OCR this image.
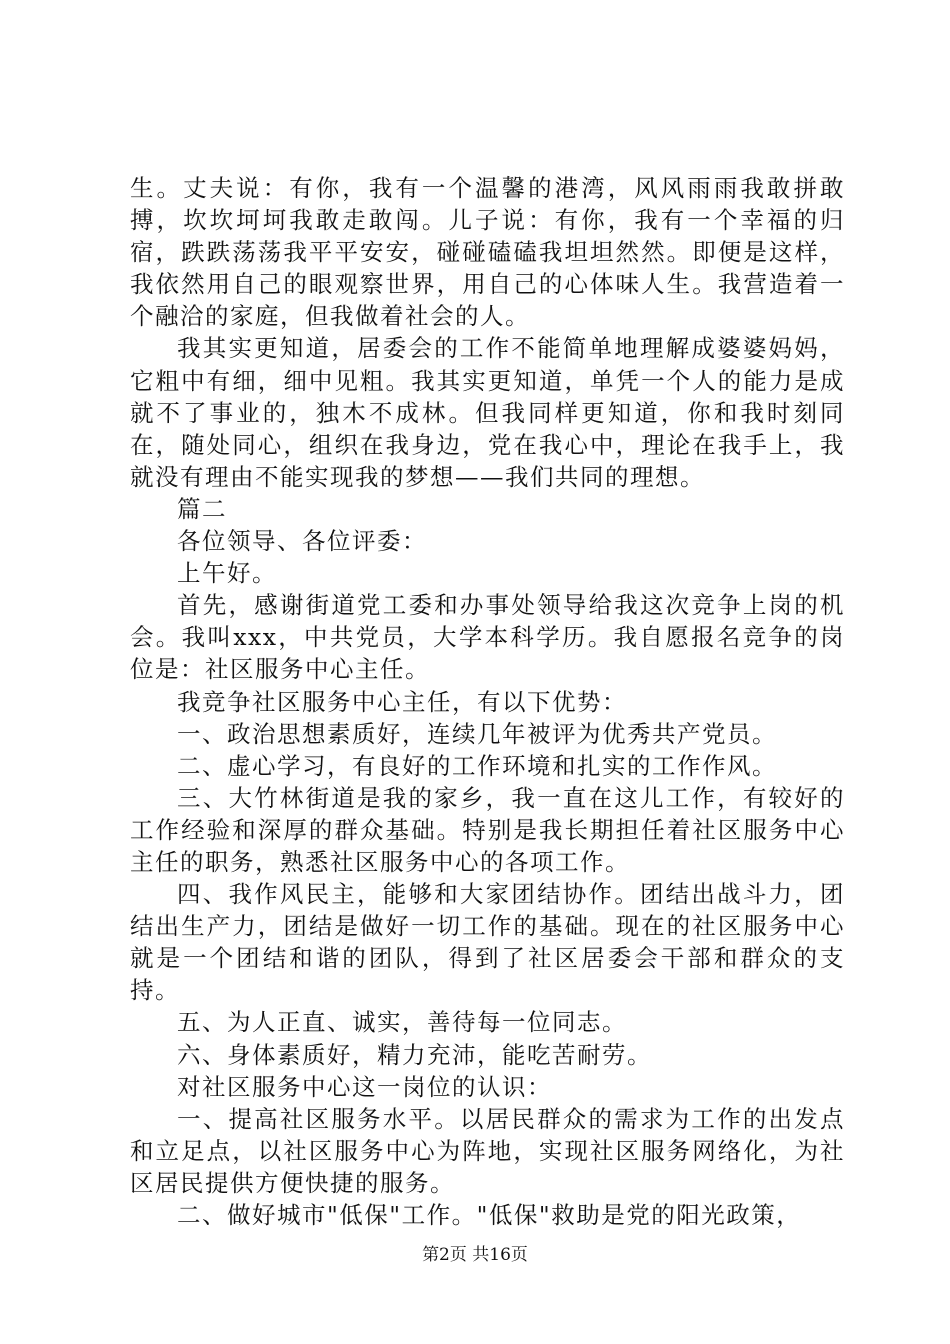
生。丈夫说：有你，我有一个温馨的港湾，风风雨雨我敢拼敢搏，坎坎坷坷我敢走敢闯。儿子说：有你，我有一个幸福的归宿，跌跌荡荡我平平安安，碰碰磕磕我坦坦然然。即便是这样，我依然用自己的眼观察世界，用自己的心体味人生。我营造着一个融洽的家庭，但我做着社会的人。

我其实更知道，居委会的工作不能简单地理解成婆婆妈妈，它粗中有细，细中见粗。我其实更知道，单凭一个人的能力是成就不了事业的，独木不成林。但我同样更知道，你和我时刻同在，随处同心，组织在我身边，党在我心中，理论在我手上，我就没有理由不能实现我的梦想——我们共同的理想。

篇二

各位领导、各位评委：

上午好。

首先，感谢街道党工委和办事处领导给我这次竞争上岗的机会。我叫xxx，中共党员，大学本科学历。我自愿报名竞争的岗位是：社区服务中心主任。

我竞争社区服务中心主任，有以下优势：

一、政治思想素质好，连续几年被评为优秀共产党员。

二、虚心学习，有良好的工作环境和扎实的工作作风。

三、大竹林街道是我的家乡，我一直在这儿工作，有较好的工作经验和深厚的群众基础。特别是我长期担任着社区服务中心主任的职务，熟悉社区服务中心的各项工作。

四、我作风民主，能够和大家团结协作。团结出战斗力，团结出生产力，团结是做好一切工作的基础。现在的社区服务中心就是一个团结和谐的团队，得到了社区居委会干部和群众的支持。

五、为人正直、诚实，善待每一位同志。

六、身体素质好，精力充沛，能吃苦耐劳。

对社区服务中心这一岗位的认识：

一、提高社区服务水平。以居民群众的需求为工作的出发点和立足点，以社区服务中心为阵地，实现社区服务网络化，为社区居民提供方便快捷的服务。

二、做好城市"低保"工作。"低保"救助是党的阳光政策，

第2页 共16页
